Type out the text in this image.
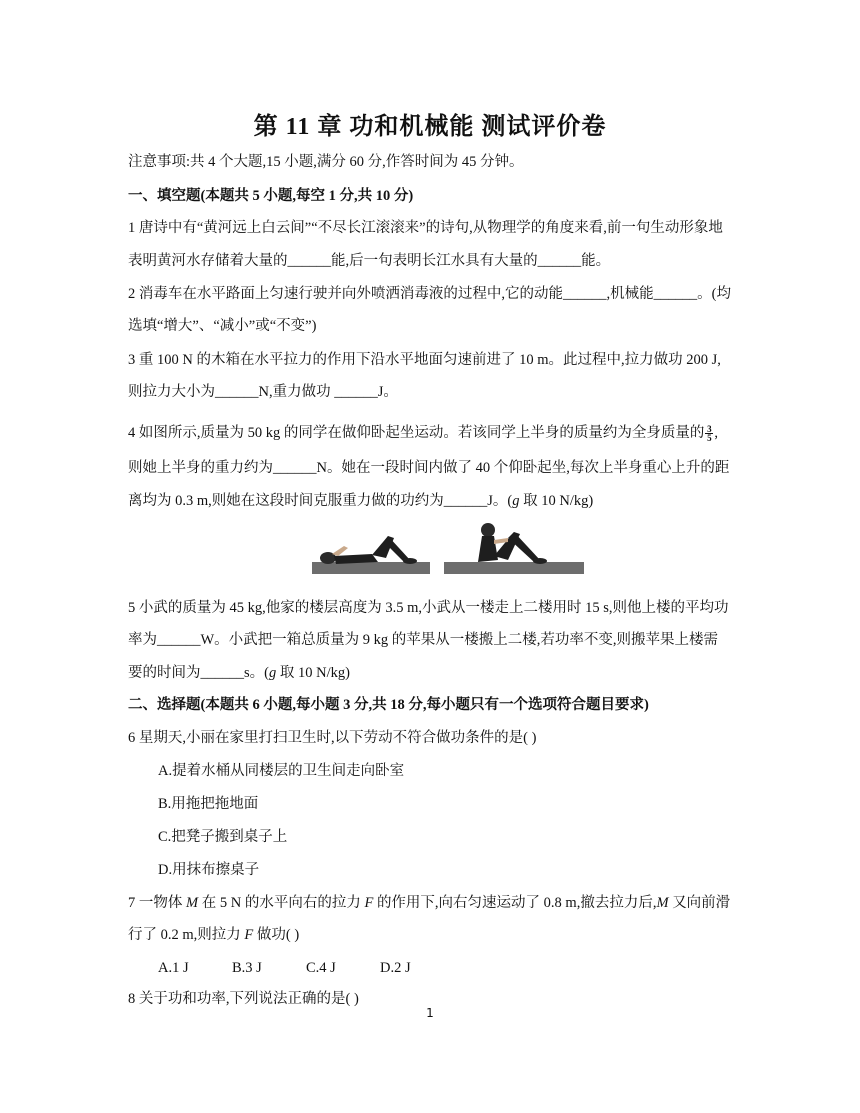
第 11 章 功和机械能 测试评价卷
注意事项:共 4 个大题,15 小题,满分 60 分,作答时间为 45 分钟。
一、填空题(本题共 5 小题,每空 1 分,共 10 分)
1 唐诗中有“黄河远上白云间”“不尽长江滚滚来”的诗句,从物理学的角度来看,前一句生动形象地
表明黄河水存储着大量的______能,后一句表明长江水具有大量的______能。
2 消毒车在水平路面上匀速行驶并向外喷洒消毒液的过程中,它的动能______,机械能______。(均
选填“增大”、“减小”或“不变”)
3 重 100 N 的木箱在水平拉力的作用下沿水平地面匀速前进了 10 m。此过程中,拉力做功 200 J,
则拉力大小为______N,重力做功 ______J。
4 如图所示,质量为 50 kg 的同学在做仰卧起坐运动。若该同学上半身的质量约为全身质量的 $\frac{3}{5}$ ,
则她上半身的重力约为______N。她在一段时间内做了 40 个仰卧起坐,每次上半身重心上升的距
离均为 0.3 m,则她在这段时间克服重力做的功约为______J。(g 取 10 N/kg)
5 小武的质量为 45 kg,他家的楼层高度为 3.5 m,小武从一楼走上二楼用时 15 s,则他上楼的平均功
率为______W。小武把一箱总质量为 9 kg 的苹果从一楼搬上二楼,若功率不变,则搬苹果上楼需
要的时间为______s。(g 取 10 N/kg)
二、选择题(本题共 6 小题,每小题 3 分,共 18 分,每小题只有一个选项符合题目要求)
6 星期天,小丽在家里打扫卫生时,以下劳动不符合做功条件的是( )
A.提着水桶从同楼层的卫生间走向卧室
B.用拖把拖地面
C.把凳子搬到桌子上
D.用抹布擦桌子
7 一物体 M 在 5 N 的水平向右的拉力 F 的作用下,向右匀速运动了 0.8 m,撤去拉力后,M 又向前滑
行了 0.2 m,则拉力 F 做功( )
A.1 J	B.3 J	C.4 J	D.2 J
8 关于功和功率,下列说法正确的是( )
1
